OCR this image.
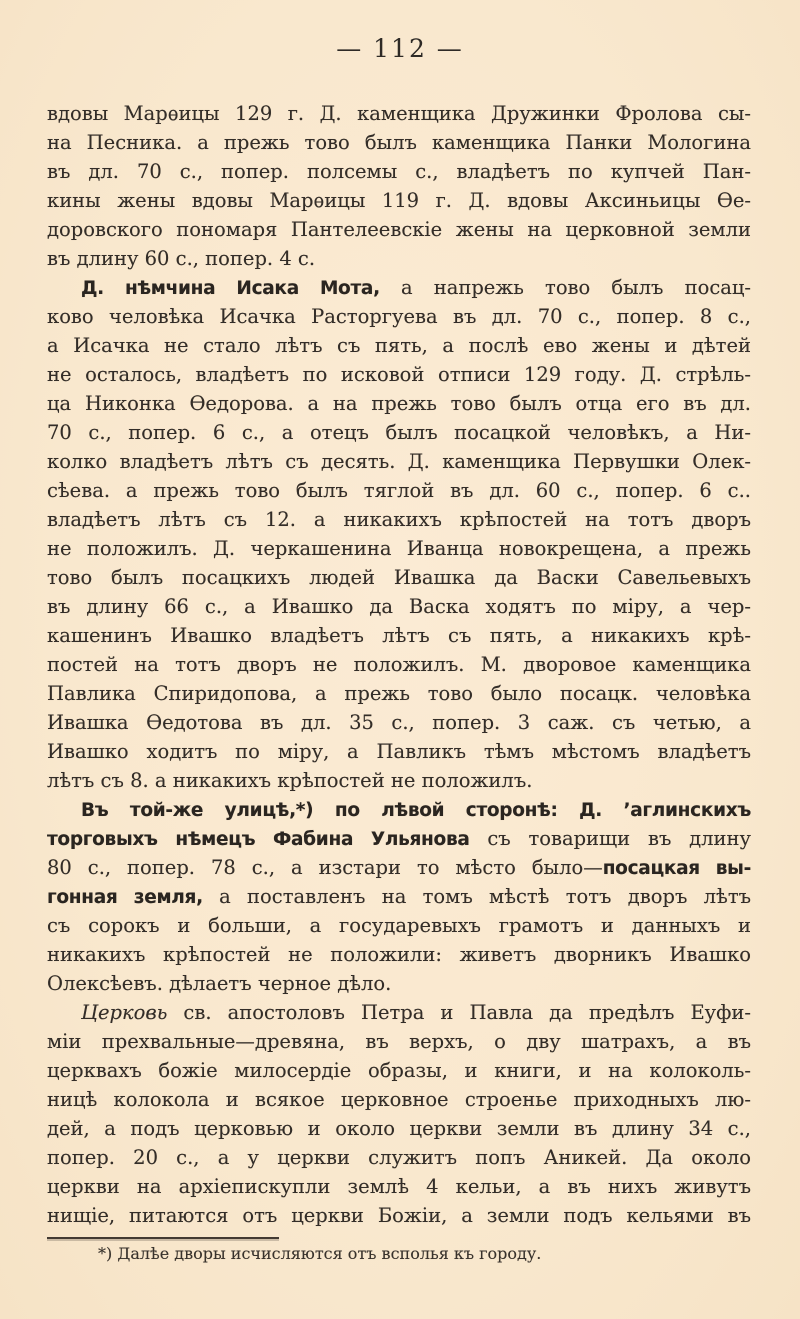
— 112 —
вдовы Марѳицы 129 г. Д. каменщика Дружинки Фролова сы-
на Песника. а прежь тово былъ каменщика Панки Мологина
въ дл. 70 с., попер. полсемы с., владѣетъ по купчей Пан-
кины жены вдовы Марѳицы 119 г. Д. вдовы Аксиньицы Ѳе-
доровского пономаря Пантелеевскіе жены на церковной земли
въ длину 60 с., попер. 4 с.
Д. нѣмчина Исака Мота, а напрежь тово былъ посац-
ково человѣка Исачка Расторгуева въ дл. 70 с., попер. 8 с.,
а Исачка не стало лѣтъ съ пять, а послѣ ево жены и дѣтей
не осталось, владѣетъ по исковой отписи 129 году. Д. стрѣль-
ца Никонка Ѳедорова. а на прежь тово былъ отца его въ дл.
70 с., попер. 6 с., а отецъ былъ посацкой человѣкъ, а Ни-
колко владѣетъ лѣтъ съ десять. Д. каменщика Первушки Олек-
сѣева. а прежь тово былъ тяглой въ дл. 60 с., попер. 6 с..
владѣетъ лѣтъ съ 12. а никакихъ крѣпостей на тотъ дворъ
не положилъ. Д. черкашенина Иванца новокрещена, а прежь
тово былъ посацкихъ людей Ивашка да Васки Савельевыхъ
въ длину 66 с., а Ивашко да Васка ходятъ по міру, а чер-
кашенинъ Ивашко владѣетъ лѣтъ съ пять, а никакихъ крѣ-
постей на тотъ дворъ не положилъ. М. дворовое каменщика
Павлика Спиридопова, а прежь тово было посацк. человѣка
Ивашка Ѳедотова въ дл. 35 с., попер. 3 саж. съ четью, а
Ивашко ходитъ по міру, а Павликъ тѣмъ мѣстомъ владѣетъ
лѣтъ съ 8. а никакихъ крѣпостей не положилъ.
Въ той-же улицѣ,*) по лѣвой сторонѣ: Д. ’аглинскихъ
торговыхъ нѣмецъ Фабина Ульянова съ товарищи въ длину
80 с., попер. 78 с., а изстари то мѣсто было—посацкая вы-
гонная земля, а поставленъ на томъ мѣстѣ тотъ дворъ лѣтъ
съ сорокъ и больши, а государевыхъ грамотъ и данныхъ и
никакихъ крѣпостей не положили: живетъ дворникъ Ивашко
Олексѣевъ. дѣлаетъ черное дѣло.
Церковь св. апостоловъ Петра и Павла да предѣлъ Еуфи-
міи прехвальные—древяна, въ верхъ, о дву шатрахъ, а въ
церквахъ божіе милосердіе образы, и книги, и на колоколь-
ницѣ колокола и всякое церковное строенье приходныхъ лю-
дей, а подъ церковью и около церкви земли въ длину 34 с.,
попер. 20 с., а у церкви служитъ попъ Аникей. Да около
церкви на архіепискупли землѣ 4 кельи, а въ нихъ живутъ
нищіе, питаются отъ церкви Божіи, а земли подъ кельями въ
*) Далѣе дворы исчисляются отъ всполья къ городу.
